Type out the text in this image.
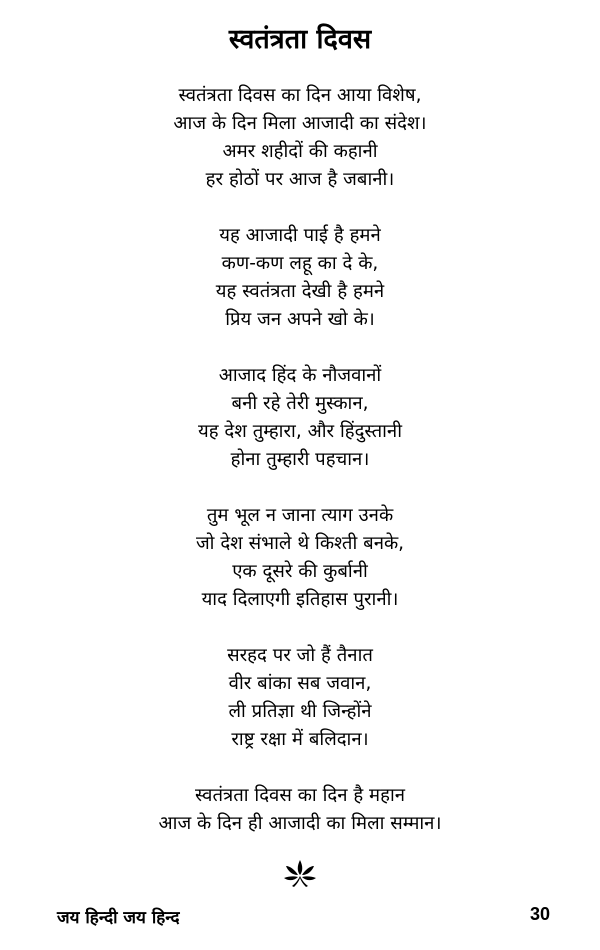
स्वतंत्रता दिवस
स्वतंत्रता दिवस का दिन आया विशेष,
आज के दिन मिला आजादी का संदेश।
अमर शहीदों की कहानी
हर होठों पर आज है जबानी।
यह आजादी पाई है हमने
कण-कण लहू का दे के,
यह स्वतंत्रता देखी है हमने
प्रिय जन अपने खो के।
आजाद हिंद के नौजवानों
बनी रहे तेरी मुस्कान,
यह देश तुम्हारा, और हिंदुस्तानी
होना तुम्हारी पहचान।
तुम भूल न जाना त्याग उनके
जो देश संभाले थे किश्ती बनके,
एक दूसरे की कुर्बानी
याद दिलाएगी इतिहास पुरानी।
सरहद पर जो हैं तैनात
वीर बांका सब जवान,
ली प्रतिज्ञा थी जिन्होंने
राष्ट्र रक्षा में बलिदान।
स्वतंत्रता दिवस का दिन है महान
आज के दिन ही आजादी का मिला सम्मान।
जय हिन्दी जय हिन्द	30
